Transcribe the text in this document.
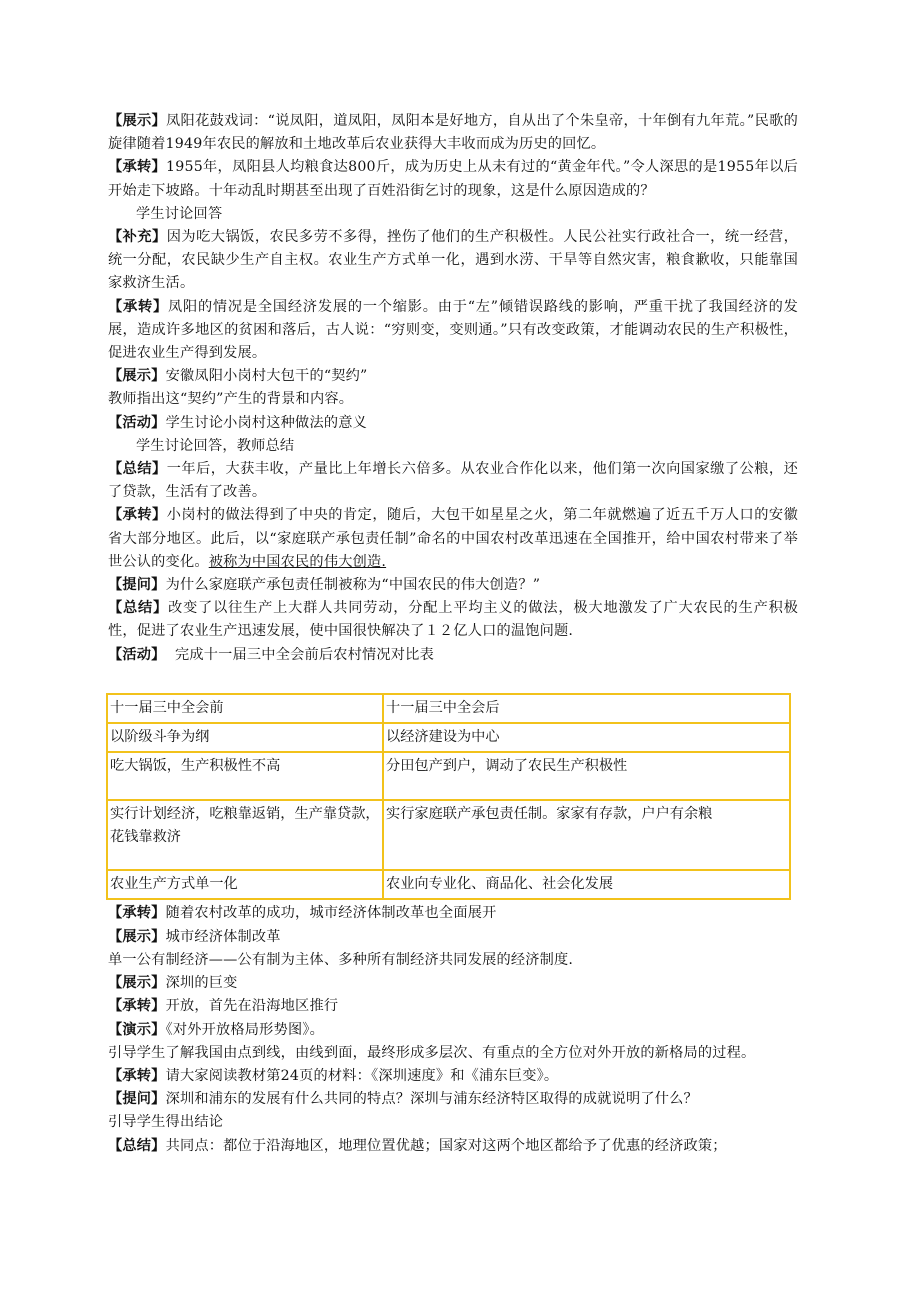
【展示】凤阳花鼓戏词：“说凤阳，道凤阳，凤阳本是好地方，自从出了个朱皇帝，十年倒有九年荒。”民歌的旋律随着1949年农民的解放和土地改革后农业获得大丰收而成为历史的回忆。

【承转】1955年，凤阳县人均粮食达800斤，成为历史上从未有过的“黄金年代。”令人深思的是1955年以后开始走下坡路。十年动乱时期甚至出现了百姓沿街乞讨的现象，这是什么原因造成的？

学生讨论回答

【补充】因为吃大锅饭，农民多劳不多得，挫伤了他们的生产积极性。人民公社实行政社合一，统一经营，统一分配，农民缺少生产自主权。农业生产方式单一化，遇到水涝、干旱等自然灾害，粮食歉收，只能靠国家救济生活。

【承转】凤阳的情况是全国经济发展的一个缩影。由于“左”倾错误路线的影响，严重干扰了我国经济的发展，造成许多地区的贫困和落后，古人说：“穷则变，变则通。”只有改变政策，才能调动农民的生产积极性，促进农业生产得到发展。

【展示】安徽凤阳小岗村大包干的“契约”

教师指出这“契约”产生的背景和内容。

【活动】学生讨论小岗村这种做法的意义

学生讨论回答，教师总结

【总结】一年后，大获丰收，产量比上年增长六倍多。从农业合作化以来，他们第一次向国家缴了公粮，还了贷款，生活有了改善。

【承转】小岗村的做法得到了中央的肯定，随后，大包干如星星之火，第二年就燃遍了近五千万人口的安徽省大部分地区。此后，以“家庭联产承包责任制”命名的中国农村改革迅速在全国推开，给中国农村带来了举世公认的变化。被称为中国农民的伟大创造.

【提问】为什么家庭联产承包责任制被称为“中国农民的伟大创造？”

【总结】改变了以往生产上大群人共同劳动，分配上平均主义的做法，极大地激发了广大农民的生产积极性，促进了农业生产迅速发展，使中国很快解决了１２亿人口的温饱问题.

【活动】  完成十一届三中全会前后农村情况对比表

十一届三中全会前	十一届三中全会后
以阶级斗争为纲	以经济建设为中心
吃大锅饭，生产积极性不高	分田包产到户，调动了农民生产积极性
实行计划经济，吃粮靠返销，生产靠贷款，花钱靠救济	实行家庭联产承包责任制。家家有存款，户户有余粮
农业生产方式单一化	农业向专业化、商品化、社会化发展

【承转】随着农村改革的成功，城市经济体制改革也全面展开

【展示】城市经济体制改革

单一公有制经济——公有制为主体、多种所有制经济共同发展的经济制度.

【展示】深圳的巨变

【承转】开放，首先在沿海地区推行

【演示】《对外开放格局形势图》。

引导学生了解我国由点到线，由线到面，最终形成多层次、有重点的全方位对外开放的新格局的过程。

【承转】请大家阅读教材第24页的材料：《深圳速度》和《浦东巨变》。

【提问】深圳和浦东的发展有什么共同的特点？深圳与浦东经济特区取得的成就说明了什么？

引导学生得出结论

【总结】共同点：都位于沿海地区，地理位置优越；国家对这两个地区都给予了优惠的经济政策；
